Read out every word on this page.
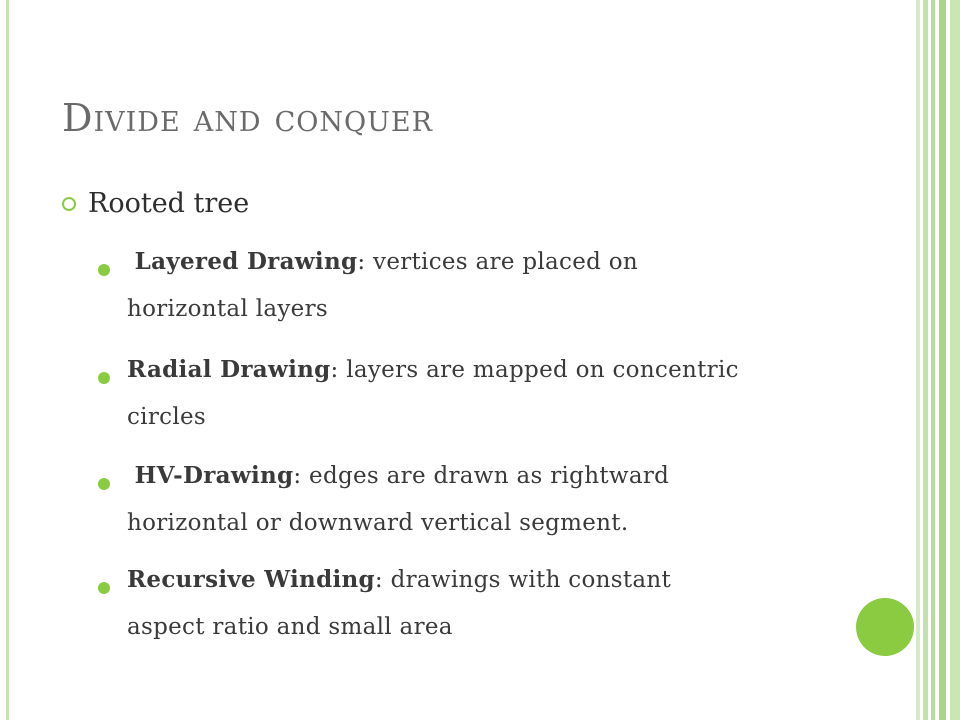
Divide and conquer
Rooted tree
Layered Drawing: vertices are placed on
horizontal layers
Radial Drawing: layers are mapped on concentric
circles
HV-Drawing: edges are drawn as rightward
horizontal or downward vertical segment.
Recursive Winding: drawings with constant
aspect ratio and small area
